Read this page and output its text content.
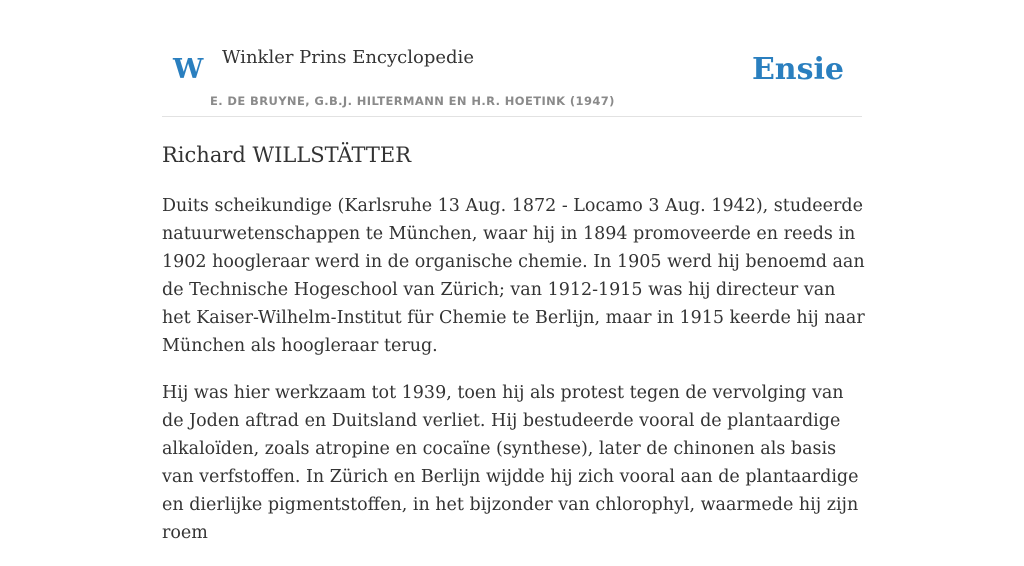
W Winkler Prins Encyclopedie
E. DE BRUYNE, G.B.J. HILTERMANN EN H.R. HOETINK (1947)
Ensie
Richard WILLSTÄTTER

Duits scheikundige (Karlsruhe 13 Aug. 1872 - Locamo 3 Aug. 1942), studeerde natuurwetenschappen te München, waar hij in 1894 promoveerde en reeds in 1902 hoogleraar werd in de organische chemie. In 1905 werd hij benoemd aan de Technische Hogeschool van Zürich; van 1912-1915 was hij directeur van het Kaiser-Wilhelm-Institut für Chemie te Berlijn, maar in 1915 keerde hij naar München als hoogleraar terug.

Hij was hier werkzaam tot 1939, toen hij als protest tegen de vervolging van de Joden aftrad en Duitsland verliet. Hij bestudeerde vooral de plantaardige alkaloïden, zoals atropine en cocaïne (synthese), later de chinonen als basis van verfstoffen. In Zürich en Berlijn wijdde hij zich vooral aan de plantaardige en dierlijke pigmentstoffen, in het bijzonder van chlorophyl, waarmede hij zijn roem
